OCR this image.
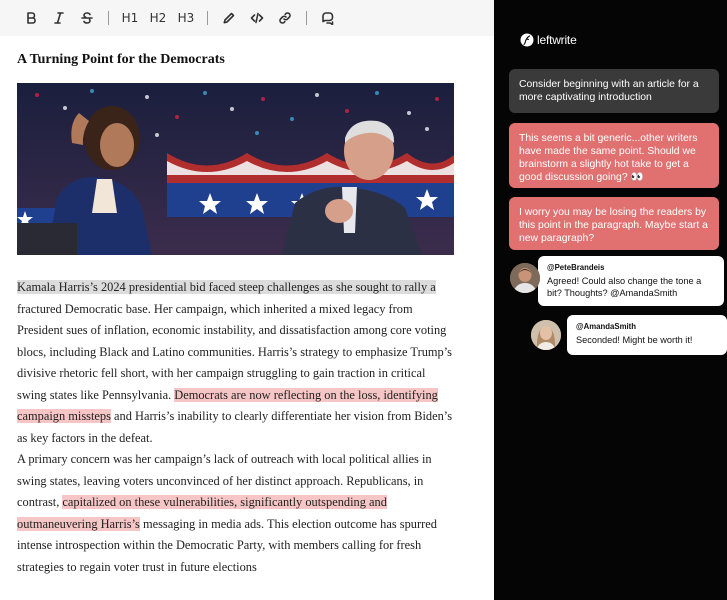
H1 H2 H3
A Turning Point for the Democrats

Kamala Harris’s 2024 presidential bid faced steep challenges as she sought to rally a fractured Democratic base. Her campaign, which inherited a mixed legacy from President sues of inflation, economic instability, and dissatisfaction among core voting blocs, including Black and Latino communities. Harris’s strategy to emphasize Trump’s divisive rhetoric fell short, with her campaign struggling to gain traction in critical swing states like Pennsylvania. Democrats are now reflecting on the loss, identifying campaign missteps and Harris’s inability to clearly differentiate her vision from Biden’s as key factors in the defeat.

A primary concern was her campaign’s lack of outreach with local political allies in swing states, leaving voters unconvinced of her distinct approach. Republicans, in contrast, capitalized on these vulnerabilities, significantly outspending and outmaneuvering Harris’s messaging in media ads. This election outcome has spurred intense introspection within the Democratic Party, with members calling for fresh strategies to regain voter trust in future elections

leftwrite
Consider beginning with an article for a more captivating introduction
This seems a bit generic...other writers have made the same point. Should we brainstorm a slightly hot take to get a good discussion going? 👀
I worry you may be losing the readers by this point in the paragraph. Maybe start a new paragraph?
@PeteBrandeis
Agreed! Could also change the tone a bit? Thoughts? @AmandaSmith
@AmandaSmith
Seconded! Might be worth it!
